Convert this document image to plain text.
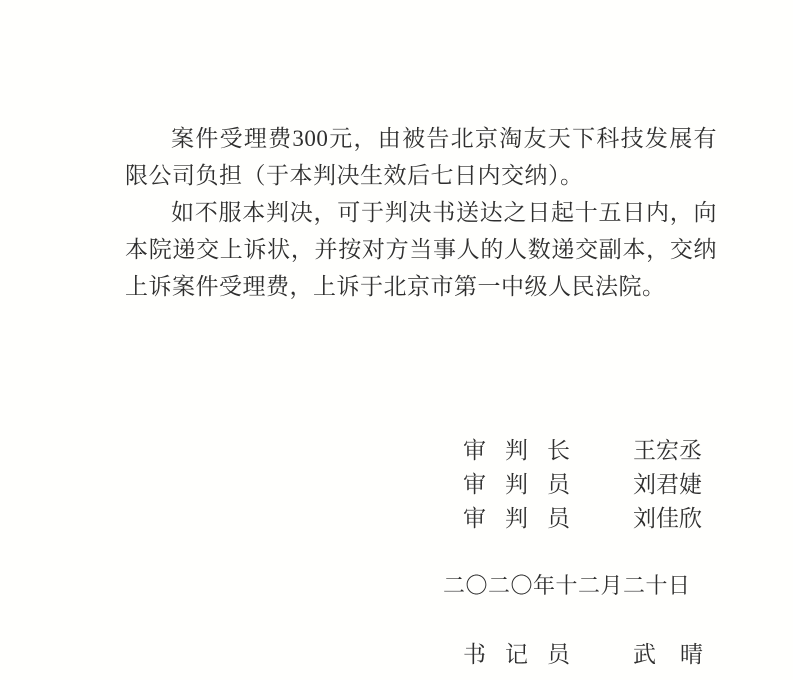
案件受理费300元，由被告北京淘友天下科技发展有限公司负担（于本判决生效后七日内交纳）。

如不服本判决，可于判决书送达之日起十五日内，向本院递交上诉状，并按对方当事人的人数递交副本，交纳上诉案件受理费，上诉于北京市第一中级人民法院。

审判长 王宏丞
审判员 刘君婕
审判员 刘佳欣
二〇二〇年十二月二十日
书记员 武晴
